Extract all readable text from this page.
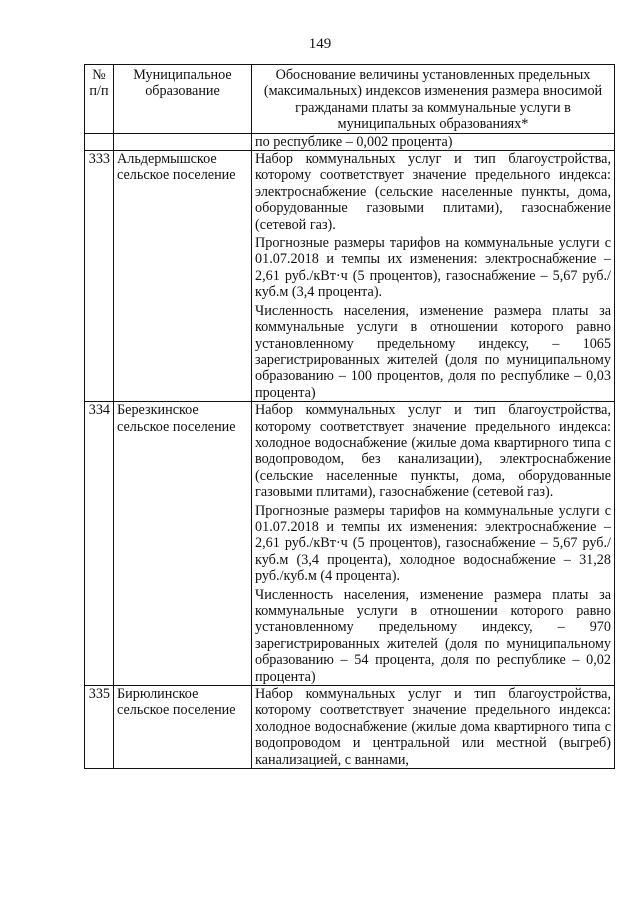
149
№ п/п	Муниципальное образование	Обоснование величины установленных предельных (максимальных) индексов изменения размера вносимой гражданами платы за коммунальные услуги в муниципальных образованиях*
		по республике – 0,002 процента)
333	Альдермышское сельское поселение	Набор коммунальных услуг и тип благоустройства, которому соответствует значение предельного индекса: электроснабжение (сельские населенные пункты, дома, оборудованные газовыми плитами), газоснабжение (сетевой газ).
Прогнозные размеры тарифов на коммунальные услуги с 01.07.2018 и темпы их изменения: электроснабжение – 2,61 руб./кВт·ч (5 процентов), газоснабжение – 5,67 руб./куб.м (3,4 процента).
Численность населения, изменение размера платы за коммунальные услуги в отношении которого равно установленному предельному индексу, – 1065 зарегистрированных жителей (доля по муниципальному образованию – 100 процентов, доля по республике – 0,03 процента)

334	Березкинское сельское поселение	Набор коммунальных услуг и тип благоустройства, которому соответствует значение предельного индекса: холодное водоснабжение (жилые дома квартирного типа с водопроводом, без канализации), электроснабжение (сельские населенные пункты, дома, оборудованные газовыми плитами), газоснабжение (сетевой газ).
Прогнозные размеры тарифов на коммунальные услуги с 01.07.2018 и темпы их изменения: электроснабжение – 2,61 руб./кВт·ч (5 процентов), газоснабжение – 5,67 руб./куб.м (3,4 процента), холодное водоснабжение – 31,28 руб./куб.м (4 процента).
Численность населения, изменение размера платы за коммунальные услуги в отношении которого равно установленному предельному индексу, – 970 зарегистрированных жителей (доля по муниципальному образованию – 54 процента, доля по республике – 0,02 процента)

335	Бирюлинское сельское поселение	Набор коммунальных услуг и тип благоустройства, которому соответствует значение предельного индекса: холодное водоснабжение (жилые дома квартирного типа с водопроводом и центральной или местной (выгреб) канализацией, с ваннами,
